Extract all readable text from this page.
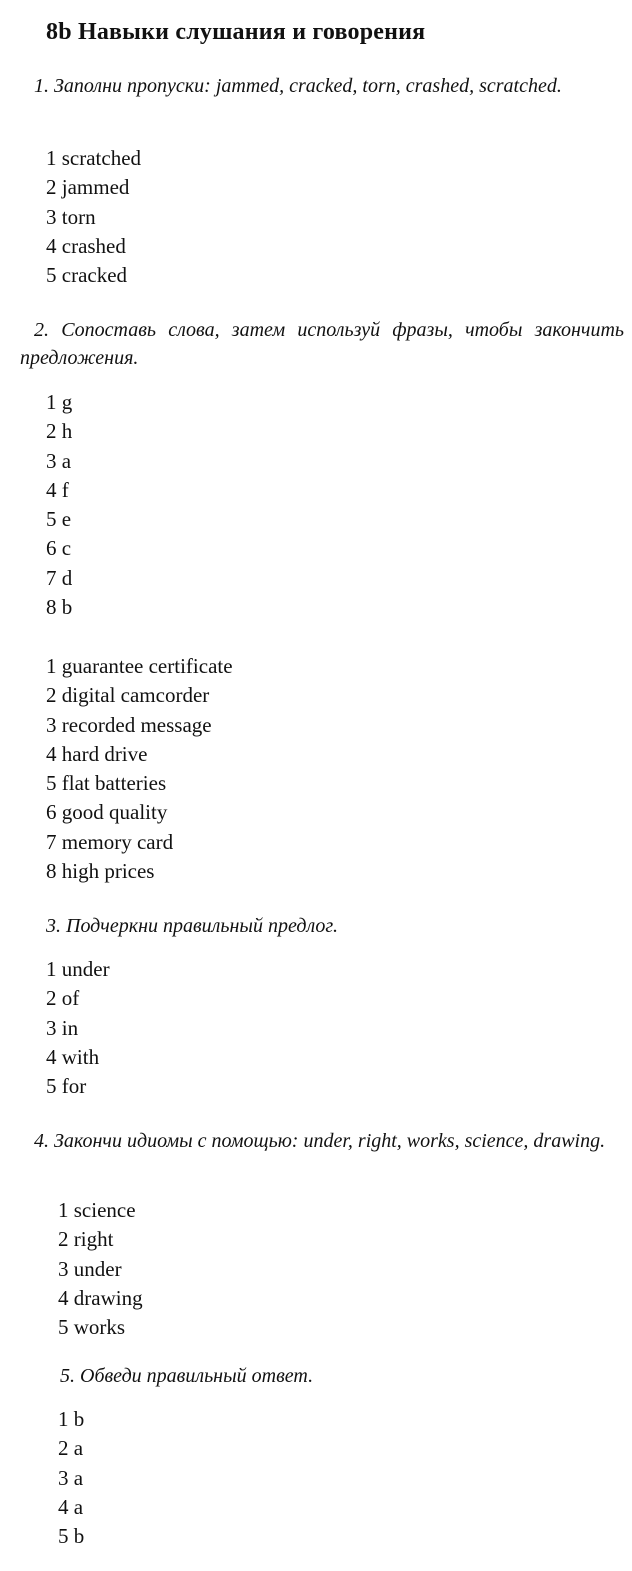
8b Навыки слушания и говорения
1. Заполни пропуски: jammed, cracked, torn, crashed, scratched.
1 scratched
2 jammed
3 torn
4 crashed
5 cracked
2. Сопоставь слова, затем используй фразы, чтобы закончить предложения.
1 g
2 h
3 a
4 f
5 e
6 c
7 d
8 b
1 guarantee certificate
2 digital camcorder
3 recorded message
4 hard drive
5 flat batteries
6 good quality
7 memory card
8 high prices
3. Подчеркни правильный предлог.
1 under
2 of
3 in
4 with
5 for
4. Закончи идиомы с помощью: under, right, works, science, drawing.
1 science
2 right
3 under
4 drawing
5 works
5. Обведи правильный ответ.
1 b
2 a
3 a
4 a
5 b
